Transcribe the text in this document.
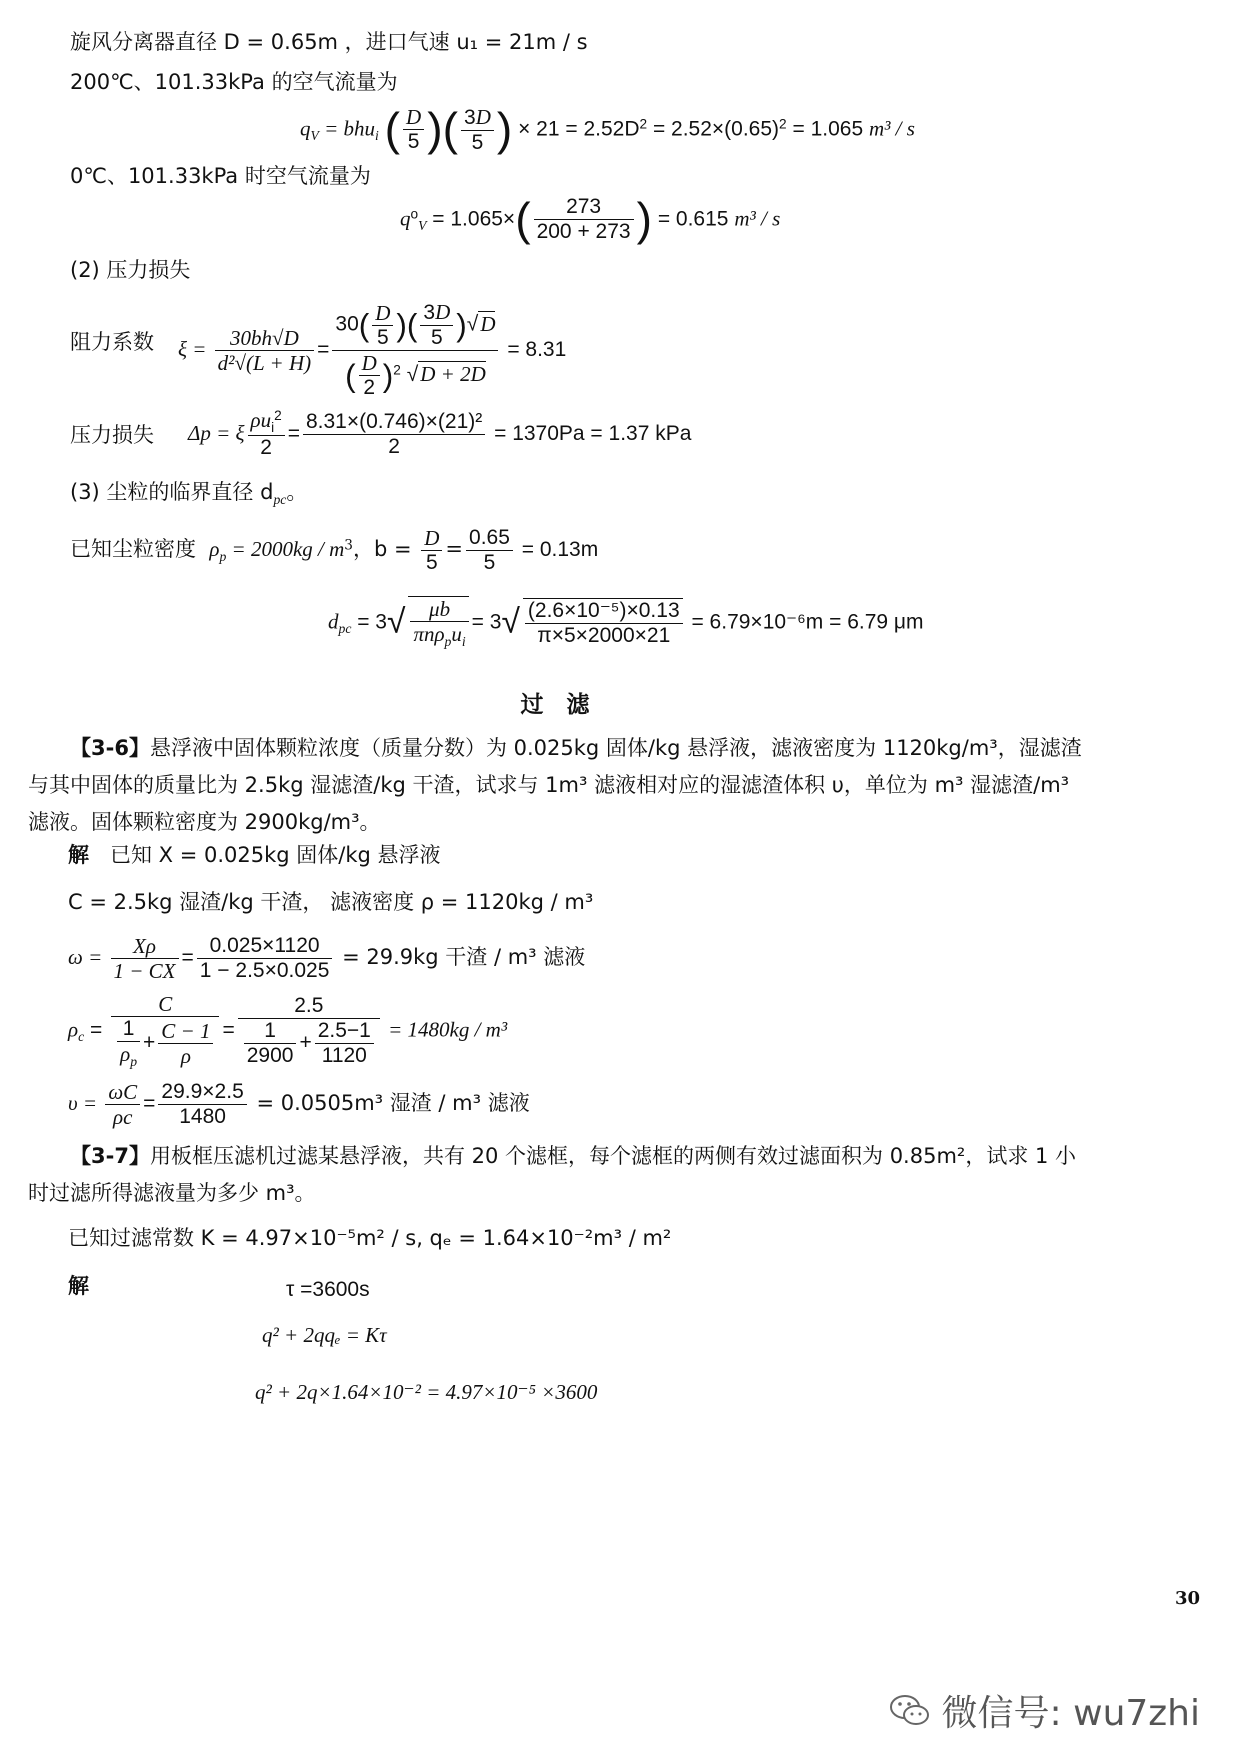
旋风分离器直径 D = 0.65m ，进口气速 u₁ = 21m / s
200℃、101.33kPa 的空气流量为
$q_V = bhu_i$ ( $\frac{D}{5}$ )( $\frac{3D}{5}$ ) × $21 = 2.52D^2 = 2.52\times(0.65)^2 = 1.065$ m³ / s
0℃、101.33kPa 时空气流量为
$q^o_V = 1.065\times( \frac{273}{200 + 273}$ ) = 0.615 m³ / s
(2) 压力损失
阻力系数 $\xi = \frac{30bh√D}{\text{d²√(L + H)}} = \frac{30( \frac{D}{5} )( \frac{3D}{5} )√D}{( \frac{D}{2} )^2 √D + 2D} = 8.31$
压力损失 Δp = ξ $\frac{\rho u_i^2}{2} = \frac{\text{8.31×(0.746)×(21)²}}{2} = 1370Pa = 1.37$ kPa
(3) 尘粒的临界直径 $d_{pc}$。
已知尘粒密度 $\rho_p = 2000kg / m^3$，$b = \frac{D}{5} = \frac{0.65}{5} = 0.13m$
$d_{pc} = 3√ \frac{\mu b}{\pi n\rho_pu_i} = 3√ \frac{\text{(2.6×10⁻⁵)×0.13}}{\pi\times 5\times 2000\times 21} = 6.79\times 10^{-6}m = 6.79$ μm
过　滤
【3-6】悬浮液中固体颗粒浓度（质量分数）为 0.025kg 固体/kg 悬浮液，滤液密度为 1120kg/m³，湿滤渣与其中固体的质量比为 2.5kg 湿滤渣/kg 干渣，试求与 1m³ 滤液相对应的湿滤渣体积 υ，单位为 m³ 湿滤渣/m³ 滤液。固体颗粒密度为 2900kg/m³。
解　已知 X = 0.025kg 固体/kg 悬浮液
C = 2.5kg 湿渣/kg 干渣， 滤液密度 ρ = 1120kg / m³
$\omega = \frac{X\rho}{1 - CX} = \frac{0.025\times 1120}{1 - 2.5\times 0.025} = 29.9kg$ 干渣 / m³ 滤液
$\rho_c = \frac{C}{\frac{1}{\rho_p} + \frac{C - 1}{\rho}} = \frac{2.5}{\frac{1}{2900} + \frac{2.5-1}{1120}} = 1480kg / m^3$
$\upsilon = \frac{\omega C}{\rho c} = \frac{29.9\times 2.5}{1480} = 0.0505m^3$ 湿渣 / m³ 滤液
【3-7】用板框压滤机过滤某悬浮液，共有 20 个滤框，每个滤框的两侧有效过滤面积为 0.85m²，试求 1 小时过滤所得滤液量为多少 m³。
已知过滤常数 K = 4.97×10⁻⁵m² / s, qₑ = 1.64×10⁻²m³ / m²
解	τ =3600s
q² + 2qqₑ = Kτ
q² + 2q×1.64×10⁻² = 4.97×10⁻⁵ ×3600
30
微信号: wu7zhi
